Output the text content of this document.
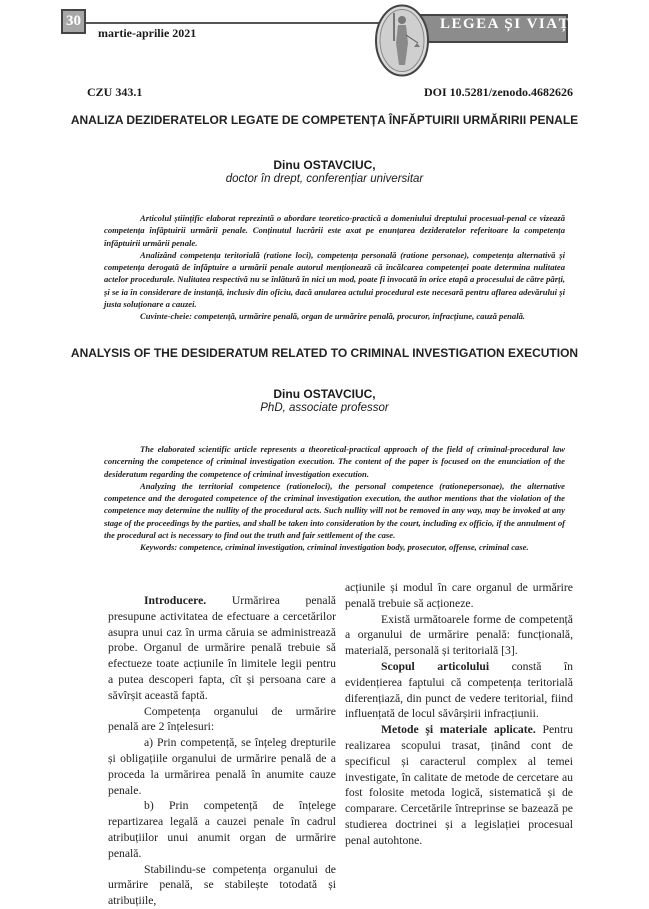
30
martie-aprilie 2021
LEGEA ȘI VIAȚA
CZU 343.1	DOI 10.5281/zenodo.4682626
ANALIZA DEZIDERATELOR LEGATE DE COMPETENȚA ÎNFĂPTUIRII URMĂRIRII PENALE
Dinu OSTAVCIUC,
doctor în drept, conferențiar universitar

Articolul științific elaborat reprezintă o abordare teoretico-practică a domeniului dreptului procesual-penal ce vizează competența înfăptuirii urmării penale. Conținutul lucrării este axat pe enunțarea dezideratelor referitoare la competența înfăptuirii urmării penale.

Analizând competența teritorială (ratione loci), competența personală (ratione personae), competența alternativă și competența derogată de înfăptuire a urmării penale autorul menționează că încălcarea competenței poate determina nulitatea actelor procedurale. Nulitatea respectivă nu se înlătură în nici un mod, poate fi invocată în orice etapă a procesului de către părți, și se ia în considerare de instanță, inclusiv din oficiu, dacă anularea actului procedural este necesară pentru aflarea adevărului și justa soluționare a cauzei.

Cuvinte-cheie: competență, urmărire penală, organ de urmărire penală, procuror, infracțiune, cauză penală.

ANALYSIS OF THE DESIDERATUM RELATED TO CRIMINAL INVESTIGATION EXECUTION
Dinu OSTAVCIUC,
PhD, associate professor

The elaborated scientific article represents a theoretical-practical approach of the field of criminal-procedural law concerning the competence of criminal investigation execution. The content of the paper is focused on the enunciation of the desideratum regarding the competence of criminal investigation execution.

Analyzing the territorial competence (rationeloci), the personal competence (rationepersonae), the alternative competence and the derogated competence of the criminal investigation execution, the author mentions that the violation of the competence may determine the nullity of the procedural acts. Such nullity will not be removed in any way, may be invoked at any stage of the proceedings by the parties, and shall be taken into consideration by the court, including ex officio, if the annulment of the procedural act is necessary to find out the truth and fair settlement of the case.

Keywords: competence, criminal investigation, criminal investigation body, prosecutor, offense, criminal case.

Introducere. Urmărirea penală presupune activitatea de efectuare a cercetărilor asupra unui caz în urma căruia se administrează probe. Organul de urmărire penală trebuie să efectueze toate acțiunile în limitele legii pentru a putea descoperi fapta, cît și persoana care a săvîrșit această faptă.

Competența organului de urmărire penală are 2 înțelesuri:

a) Prin competență, se înțeleg drepturile și obligațiile organului de urmărire penală de a proceda la urmărirea penală în anumite cauze penale.

b) Prin competență de înțelege repartizarea legală a cauzei penale în cadrul atribuțiilor unui anumit organ de urmărire penală.

Stabilindu-se competența organului de urmărire penală, se stabilește totodată și atribuțiile,

acțiunile și modul în care organul de urmărire penală trebuie să acționeze.

Există următoarele forme de competență a organului de urmărire penală: funcțională, materială, personală și teritorială [3].

Scopul articolului constă în evidențierea faptului că competența teritorială diferențiază, din punct de vedere teritorial, fiind influențată de locul săvârșirii infracțiunii.

Metode și materiale aplicate. Pentru realizarea scopului trasat, ținând cont de specificul și caracterul complex al temei investigate, în calitate de metode de cercetare au fost folosite metoda logică, sistematică și de comparare. Cercetările întreprinse se bazează pe studierea doctrinei și a legislației procesual penal autohtone.
